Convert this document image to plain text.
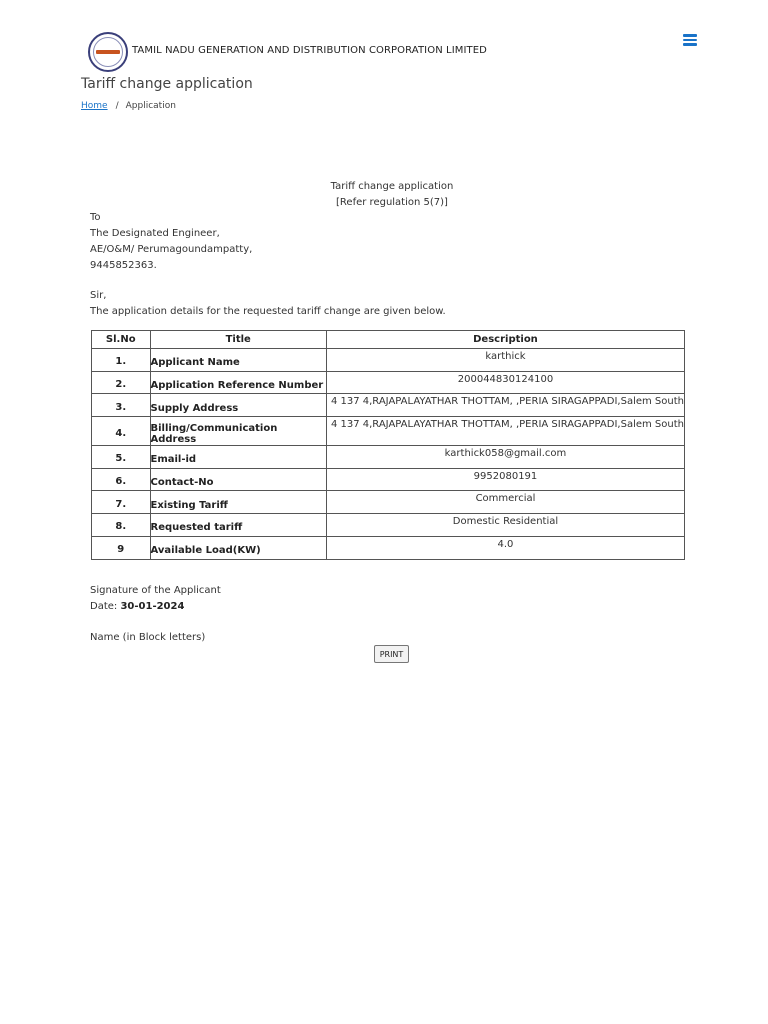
TAMIL NADU GENERATION AND DISTRIBUTION CORPORATION LIMITED
Tariff change application
Home / Application
Tariff change application
[Refer regulation 5(7)]
To
The Designated Engineer,
AE/O&M/ Perumagoundampatty,
9445852363.
Sir,
The application details for the requested tariff change are given below.
Sl.No	Title	Description
1.	Applicant Name	karthick
2.	Application Reference Number	200044830124100
3.	Supply Address	4 137 4,RAJAPALAYATHAR THOTTAM, ,PERIA SIRAGAPPADI,Salem South
4.	Billing/Communication Address	4 137 4,RAJAPALAYATHAR THOTTAM, ,PERIA SIRAGAPPADI,Salem South
5.	Email-id	karthick058@gmail.com
6.	Contact-No	9952080191
7.	Existing Tariff	Commercial
8.	Requested tariff	Domestic Residential
9	Available Load(KW)	4.0
Signature of the Applicant
Date: 30-01-2024
Name (in Block letters)
PRINT
